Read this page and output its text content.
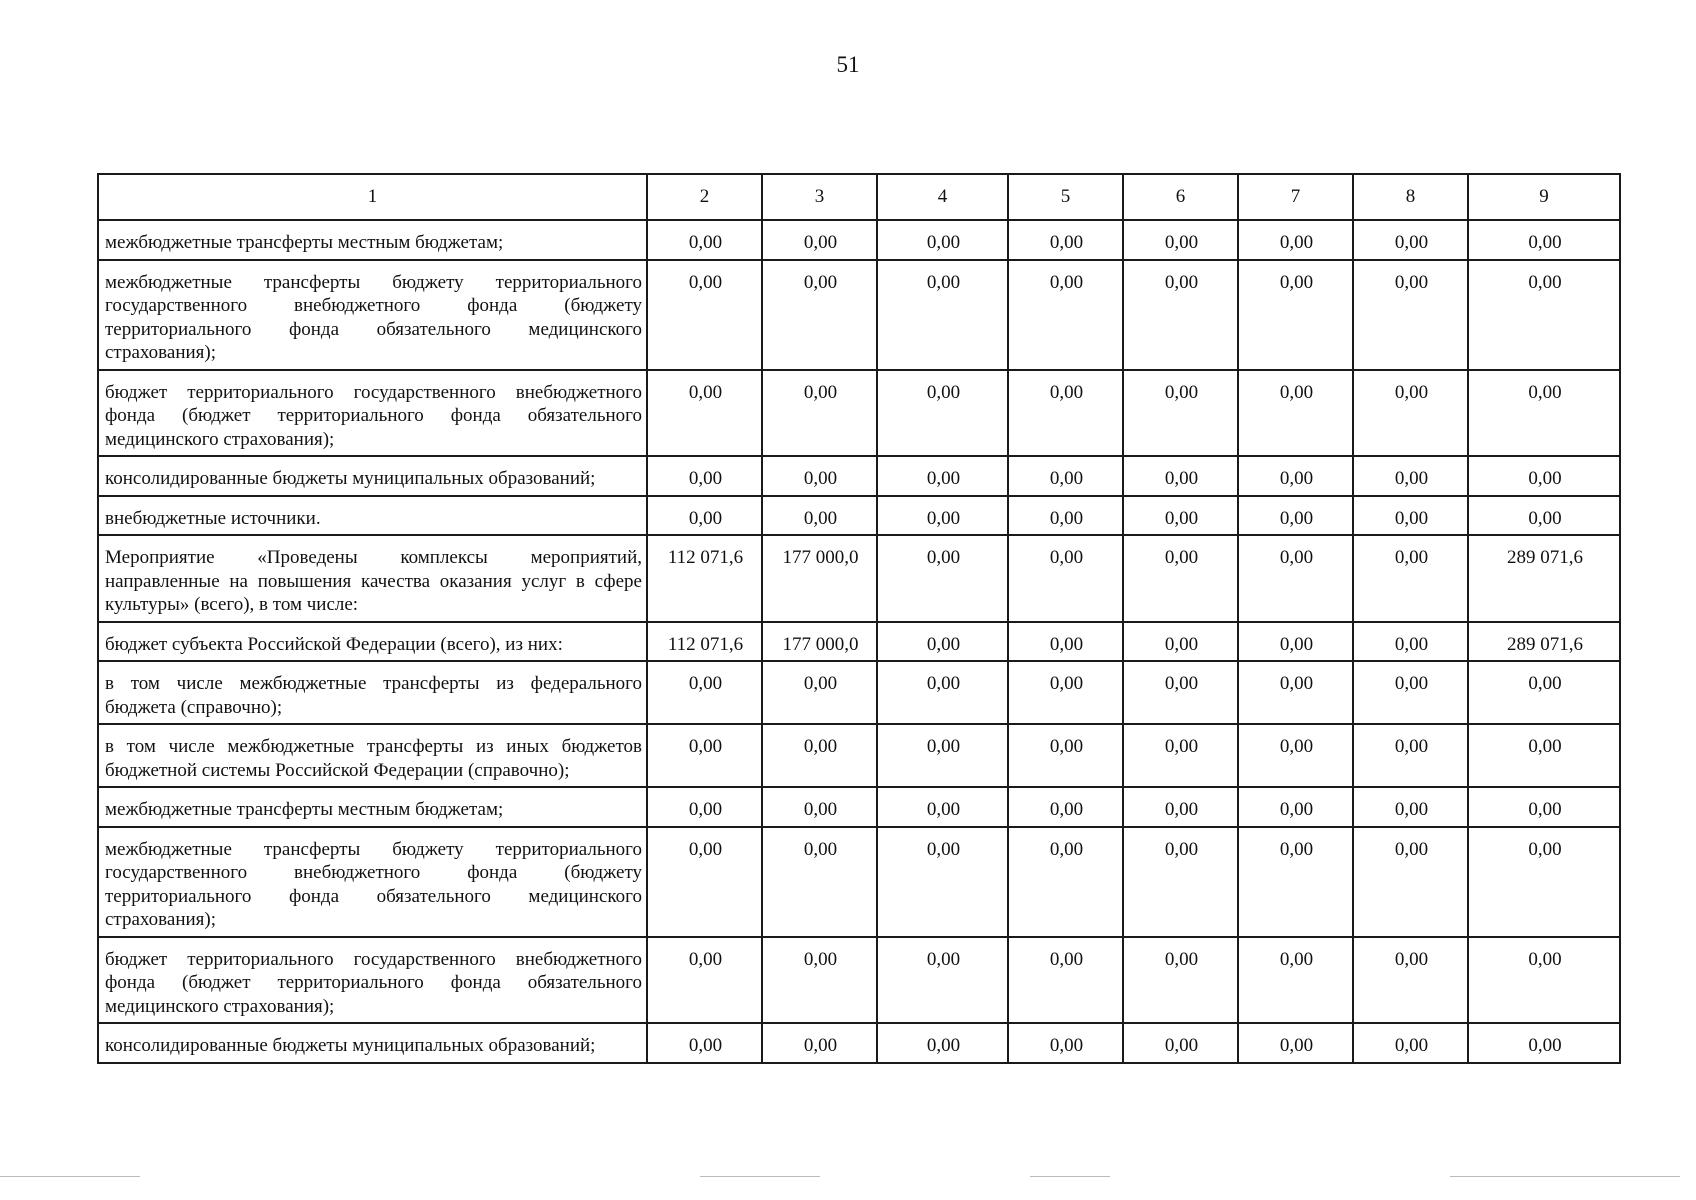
51
1	2	3	4	5	6	7	8	9
межбюджетные трансферты местным бюджетам;	0,00	0,00	0,00	0,00	0,00	0,00	0,00	0,00
межбюджетные трансферты бюджету территориального государственного внебюджетного фонда (бюджету территориального фонда обязательного медицинского страхования);	0,00	0,00	0,00	0,00	0,00	0,00	0,00	0,00
бюджет территориального государственного внебюджетного фонда (бюджет территориального фонда обязательного медицинского страхования);	0,00	0,00	0,00	0,00	0,00	0,00	0,00	0,00
консолидированные бюджеты муниципальных образований;	0,00	0,00	0,00	0,00	0,00	0,00	0,00	0,00
внебюджетные источники.	0,00	0,00	0,00	0,00	0,00	0,00	0,00	0,00
Мероприятие «Проведены комплексы мероприятий, направленные на повышения качества оказания услуг в сфере культуры» (всего), в том числе:	112 071,6	177 000,0	0,00	0,00	0,00	0,00	0,00	289 071,6
бюджет субъекта Российской Федерации (всего), из них:	112 071,6	177 000,0	0,00	0,00	0,00	0,00	0,00	289 071,6
в том числе межбюджетные трансферты из федерального бюджета (справочно);	0,00	0,00	0,00	0,00	0,00	0,00	0,00	0,00
в том числе межбюджетные трансферты из иных бюджетов бюджетной системы Российской Федерации (справочно);	0,00	0,00	0,00	0,00	0,00	0,00	0,00	0,00
межбюджетные трансферты местным бюджетам;	0,00	0,00	0,00	0,00	0,00	0,00	0,00	0,00
межбюджетные трансферты бюджету территориального государственного внебюджетного фонда (бюджету территориального фонда обязательного медицинского страхования);	0,00	0,00	0,00	0,00	0,00	0,00	0,00	0,00
бюджет территориального государственного внебюджетного фонда (бюджет территориального фонда обязательного медицинского страхования);	0,00	0,00	0,00	0,00	0,00	0,00	0,00	0,00
консолидированные бюджеты муниципальных образований;	0,00	0,00	0,00	0,00	0,00	0,00	0,00	0,00
